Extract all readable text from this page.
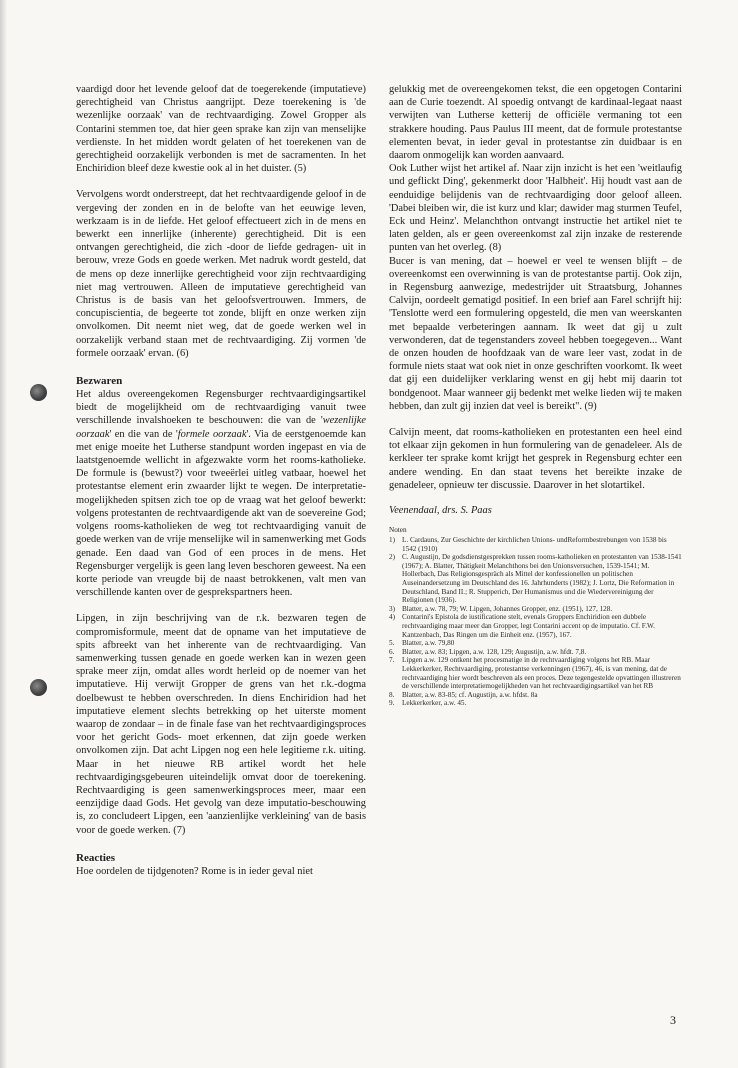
vaardigd door het levende geloof dat de toegerekende (imputatieve) gerechtigheid van Christus aangrijpt. Deze toerekening is 'de wezenlijke oorzaak' van de rechtvaardiging. Zowel Gropper als Contarini stemmen toe, dat hier geen sprake kan zijn van menselijke verdienste. In het midden wordt gelaten of het toerekenen van de gerechtigheid oorzakelijk verbonden is met de sacramenten. In het Enchiridion bleef deze kwestie ook al in het duister. (5)

Vervolgens wordt onderstreept, dat het rechtvaardigende geloof in de vergeving der zonden en in de belofte van het eeuwige leven, werkzaam is in de liefde. Het geloof effectueert zich in de mens en bewerkt een innerlijke (inherente) gerechtigheid. Dit is een ontvangen gerechtigheid, die zich -door de liefde gedragen- uit in berouw, vreze Gods en goede werken. Met nadruk wordt gesteld, dat de mens op deze innerlijke gerechtigheid voor zijn rechtvaardiging niet mag vertrouwen. Alleen de imputatieve gerechtigheid van Christus is de basis van het geloofsvertrouwen. Immers, de concupiscientia, de begeerte tot zonde, blijft en onze werken zijn onvolkomen. Dit neemt niet weg, dat de goede werken wel in oorzakelijk verband staan met de rechtvaardiging. Zij vormen 'de formele oorzaak' ervan. (6)

Bezwaren

Het aldus overeengekomen Regensburger rechtvaardigingsartikel biedt de mogelijkheid om de rechtvaardiging vanuit twee verschillende invalshoeken te beschouwen: die van de 'wezenlijke oorzaak' en die van de 'formele oorzaak'. Via de eerstgenoemde kan met enige moeite het Lutherse standpunt worden ingepast en via de laatstgenoemde wellicht in afgezwakte vorm het rooms-katholieke. De formule is (bewust?) voor tweeërlei uitleg vatbaar, hoewel het protestantse element erin zwaarder lijkt te wegen. De interpretatie-mogelijkheden spitsen zich toe op de vraag wat het geloof bewerkt: volgens protestanten de rechtvaardigende akt van de soevereine God; volgens rooms-katholieken de weg tot rechtvaardiging vanuit de goede werken van de vrije menselijke wil in samenwerking met Gods genade. Een daad van God of een proces in de mens. Het Regensburger vergelijk is geen lang leven beschoren geweest. Na een korte periode van vreugde bij de naast betrokkenen, valt men van verschillende kanten over de gesprekspartners heen.

Lipgen, in zijn beschrijving van de r.k. bezwaren tegen de compromisformule, meent dat de opname van het imputatieve de spits afbreekt van het inherente van de rechtvaardiging. Van samenwerking tussen genade en goede werken kan in wezen geen sprake meer zijn, omdat alles wordt herleid op de noemer van het imputatieve. Hij verwijt Gropper de grens van het r.k.-dogma doelbewust te hebben overschreden. In diens Enchiridion had het imputatieve element slechts betrekking op het uiterste moment waarop de zondaar – in de finale fase van het rechtvaardigingsproces voor het gericht Gods- moet erkennen, dat zijn goede werken onvolkomen zijn. Dat acht Lipgen nog een hele legitieme r.k. uiting. Maar in het nieuwe RB artikel wordt het hele rechtvaardigingsgebeuren uiteindelijk omvat door de toerekening. Rechtvaardiging is geen samenwerkingsproces meer, maar een eenzijdige daad Gods. Het gevolg van deze imputatio-beschouwing is, zo concludeert Lipgen, een 'aanzienlijke verkleining' van de basis voor de goede werken. (7)

Reacties

Hoe oordelen de tijdgenoten? Rome is in ieder geval niet

gelukkig met de overeengekomen tekst, die een opgetogen Contarini aan de Curie toezendt. Al spoedig ontvangt de kardinaal-legaat naast verwijten van Lutherse ketterij de officiële vermaning tot een strakkere houding. Paus Paulus III meent, dat de formule protestantse elementen bevat, in ieder geval in protestantse zin duidbaar is en daarom onmogelijk kan worden aanvaard.

Ook Luther wijst het artikel af. Naar zijn inzicht is het een 'weitlaufig und geflickt Ding', gekenmerkt door 'Halbheit'. Hij houdt vast aan de eenduidige belijdenis van de rechtvaardiging door geloof alleen. 'Dabei bleiben wir, die ist kurz und klar; dawider mag sturmen Teufel, Eck und Heinz'. Melanchthon ontvangt instructie het artikel niet te laten gelden, als er geen overeenkomst zal zijn inzake de resterende punten van het overleg. (8)

Bucer is van mening, dat – hoewel er veel te wensen blijft – de overeenkomst een overwinning is van de protestantse partij. Ook zijn, in Regensburg aanwezige, medestrijder uit Straatsburg, Johannes Calvijn, oordeelt gematigd positief. In een brief aan Farel schrijft hij: 'Tenslotte werd een formulering opgesteld, die men van weerskanten met bepaalde verbeteringen aannam. Ik weet dat gij u zult verwonderen, dat de tegenstanders zoveel hebben toegegeven... Want de onzen houden de hoofdzaak van de ware leer vast, zodat in de formule niets staat wat ook niet in onze geschriften voorkomt. Ik weet dat gij een duidelijker verklaring wenst en gij hebt mij daarin tot bondgenoot. Maar wanneer gij bedenkt met welke lieden wij te maken hebben, dan zult gij inzien dat veel is bereikt". (9)

Calvijn meent, dat rooms-katholieken en protestanten een heel eind tot elkaar zijn gekomen in hun formulering van de genadeleer. Als de kerkleer ter sprake komt krijgt het gesprek in Regensburg echter een andere wending. En dan staat tevens het bereikte inzake de genadeleer, opnieuw ter discussie. Daarover in het slotartikel.

Veenendaal, drs. S. Paas
Noten
1) L. Cardauns, Zur Geschichte der kirchlichen Unions- undReformbestrebungen von 1538 bis 1542 (1910)
2) C. Augustijn, De godsdienstgesprekken tussen rooms-katholieken en protestanten van 1538-1541 (1967); A. Blatter, Thätigkeit Melanchthons bei den Unionsversuchen, 1539-1541; M. Hollerbach, Das Religionsgespräch als Mittel der konfessionellen un politischen Auseinandersetzung im Deutschland des 16. Jahrhunderts (1982); J. Lortz, Die Reformation in Deutschland, Band II.; R. Stupperich, Der Humanismus und die Wiedervereinigung der Religionen (1936).
3) Blatter, a.w. 78, 79; W. Lipgen, Johannes Gropper, enz. (1951), 127, 128.
4) Contarini's Epistola de iustificatione stelt, evenals Groppers Enchiridion een dubbele rechtvaardiging maar meer dan Gropper, legt Contarini accent op de imputatio. Cf. F.W. Kantzenbach, Das Ringen um die Einheit enz. (1957), 167.
5.	Blatter, a.w. 79,80
6.	Blatter, a.w. 83; Lipgen, a.w. 128, 129; Augustijn, a.w. hfdt. 7,8.
7.	Lipgen a.w. 129 ontkent het procesmatige in de rechtvaardiging volgens het RB. Maar Lekkerkerker, Rechtvaardiging, protestantse verkenningen (1967), 46, is van mening, dat de rechtvaardiging hier wordt beschreven als een proces. Deze tegengestelde opvattingen illustreren de verschillende interpretatiemogelijkheden van het rechtvaardigingsartikel van het RB
8.	Blatter, a.w. 83-85; cf. Augustijn, a.w. hfdst. 8a
9.	Lekkerkerker, a.w. 45.
3
